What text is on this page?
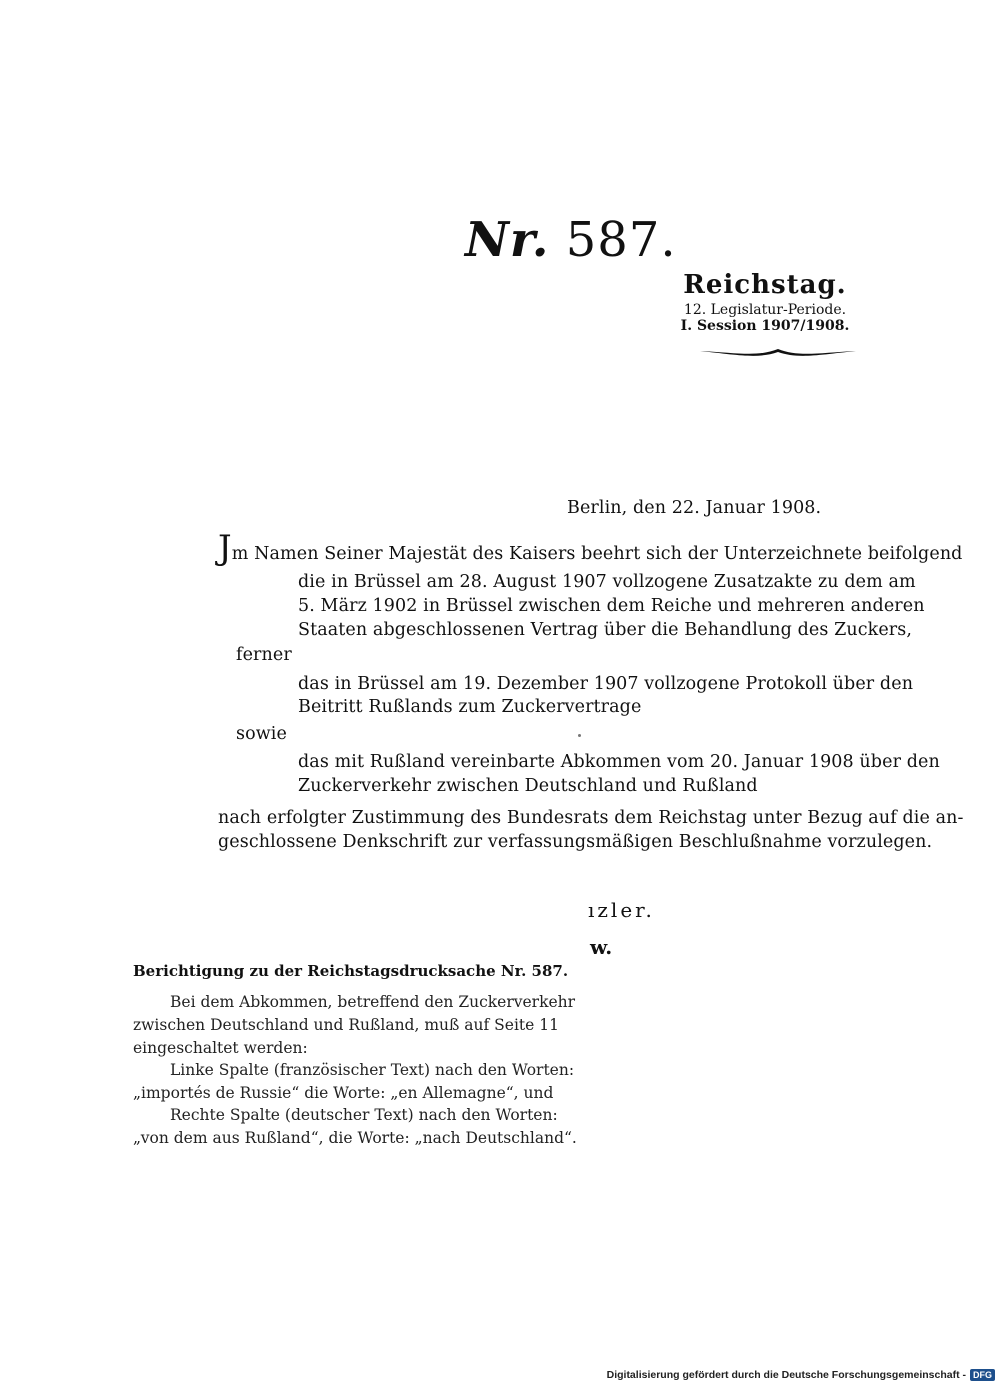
Nr. 587.
Reichstag.
12. Legislatur-Periode.
I. Session 1907/1908.
Berlin, den 22. Januar 1908.
Jm Namen Seiner Majestät des Kaisers beehrt sich der Unterzeichnete beifolgend
die in Brüssel am 28. August 1907 vollzogene Zusatzakte zu dem am
5. März 1902 in Brüssel zwischen dem Reiche und mehreren anderen
Staaten abgeschlossenen Vertrag über die Behandlung des Zuckers,
ferner
das in Brüssel am 19. Dezember 1907 vollzogene Protokoll über den
Beitritt Rußlands zum Zuckervertrage
sowie
das mit Rußland vereinbarte Abkommen vom 20. Januar 1908 über den
Zuckerverkehr zwischen Deutschland und Rußland
nach erfolgter Zustimmung des Bundesrats dem Reichstag unter Bezug auf die an-
geschlossene Denkschrift zur verfassungsmäßigen Beschlußnahme vorzulegen.
ızler.
w.
Berichtigung zu der Reichstagsdrucksache Nr. 587.
Bei dem Abkommen, betreffend den Zuckerverkehr
zwischen Deutschland und Rußland, muß auf Seite 11
eingeschaltet werden:
Linke Spalte (französischer Text) nach den Worten:
„importés de Russie“ die Worte: „en Allemagne“, und
Rechte Spalte (deutscher Text) nach den Worten:
„von dem aus Rußland“, die Worte: „nach Deutschland“.
Digitalisierung gefördert durch die Deutsche Forschungsgemeinschaft - DFG
